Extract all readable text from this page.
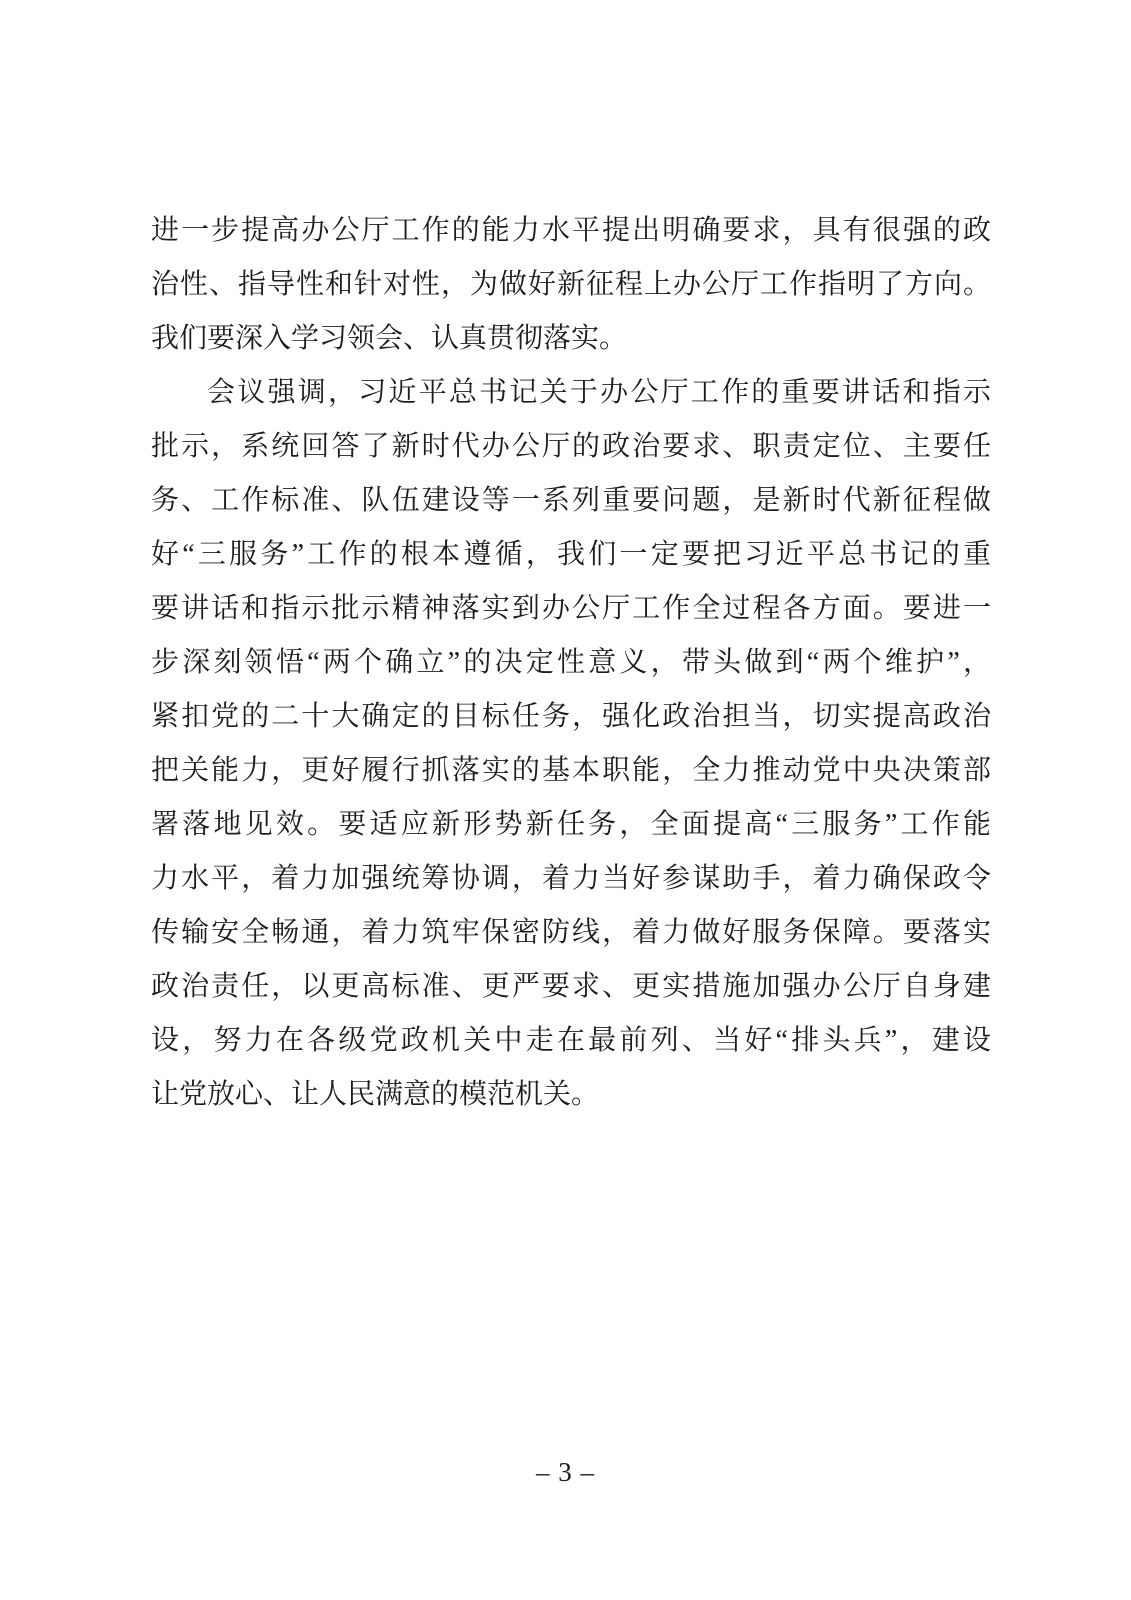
进一步提高办公厅工作的能力水平提出明确要求，具有很强的政

治性、指导性和针对性，为做好新征程上办公厅工作指明了方向。

我们要深入学习领会、认真贯彻落实。

会议强调，习近平总书记关于办公厅工作的重要讲话和指示

批示，系统回答了新时代办公厅的政治要求、职责定位、主要任

务、工作标准、队伍建设等一系列重要问题，是新时代新征程做

好“三服务”工作的根本遵循，我们一定要把习近平总书记的重

要讲话和指示批示精神落实到办公厅工作全过程各方面。要进一

步深刻领悟“两个确立”的决定性意义，带头做到“两个维护”，

紧扣党的二十大确定的目标任务，强化政治担当，切实提高政治

把关能力，更好履行抓落实的基本职能，全力推动党中央决策部

署落地见效。要适应新形势新任务，全面提高“三服务”工作能

力水平，着力加强统筹协调，着力当好参谋助手，着力确保政令

传输安全畅通，着力筑牢保密防线，着力做好服务保障。要落实

政治责任，以更高标准、更严要求、更实措施加强办公厅自身建

设，努力在各级党政机关中走在最前列、当好“排头兵”，建设

让党放心、让人民满意的模范机关。

– 3 –
